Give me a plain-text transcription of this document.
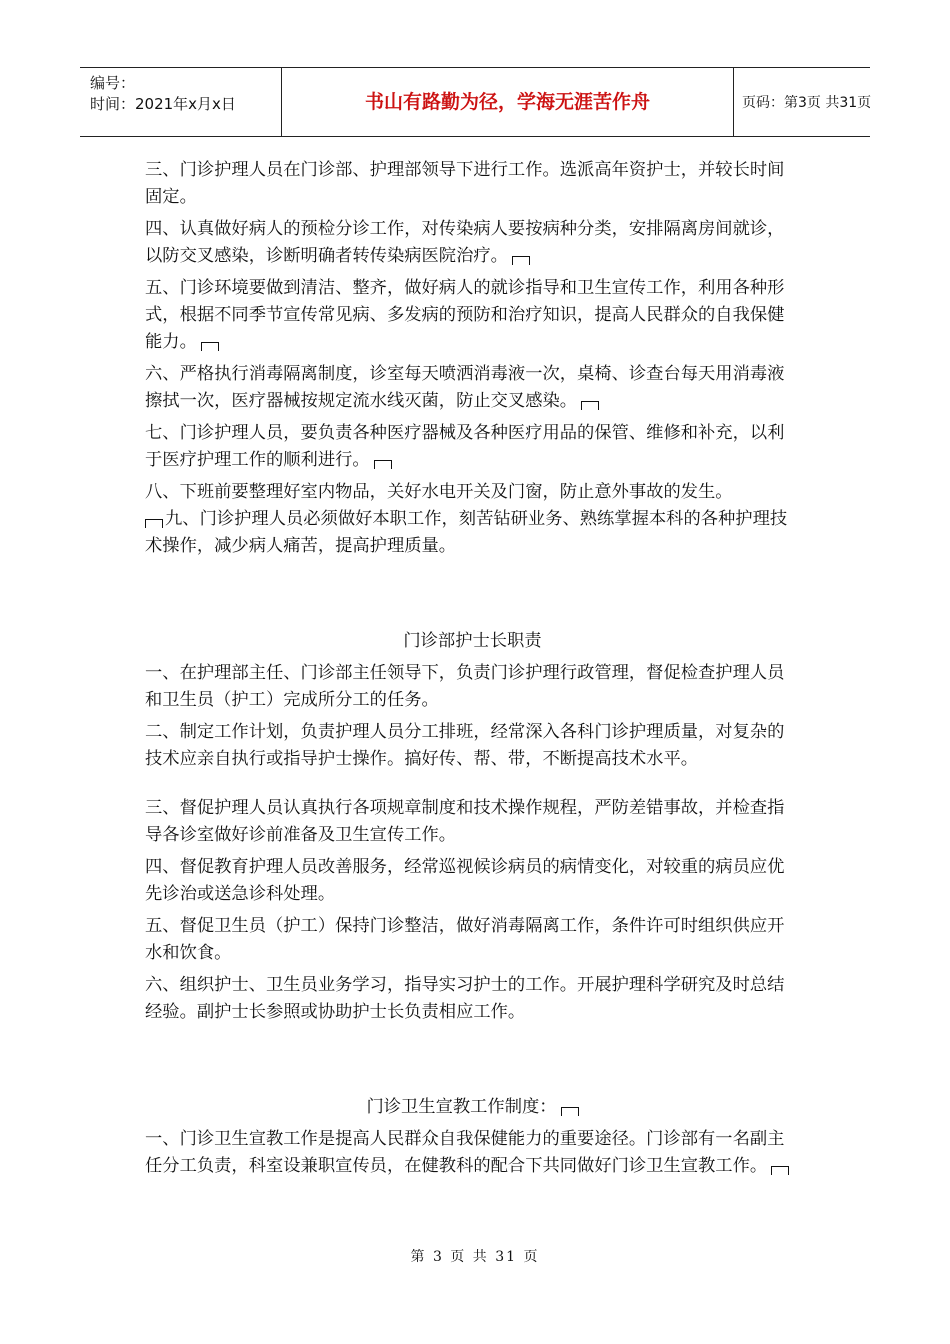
编号：
时间：2021年x月x日	书山有路勤为径，学海无涯苦作舟	页码：第3页 共31页

三、门诊护理人员在门诊部、护理部领导下进行工作。选派高年资护士，并较长时间固定。

四、认真做好病人的预检分诊工作，对传染病人要按病种分类，安排隔离房间就诊，以防交叉感染，诊断明确者转传染病医院治疗。

五、门诊环境要做到清洁、整齐，做好病人的就诊指导和卫生宣传工作，利用各种形式，根据不同季节宣传常见病、多发病的预防和治疗知识，提高人民群众的自我保健能力。

六、严格执行消毒隔离制度，诊室每天喷洒消毒液一次，桌椅、诊查台每天用消毒液擦拭一次，医疗器械按规定流水线灭菌，防止交叉感染。

七、门诊护理人员，要负责各种医疗器械及各种医疗用品的保管、维修和补充，以利于医疗护理工作的顺利进行。

八、下班前要整理好室内物品，关好水电开关及门窗，防止意外事故的发生。

九、门诊护理人员必须做好本职工作，刻苦钻研业务、熟练掌握本科的各种护理技术操作，减少病人痛苦，提高护理质量。

门诊部护士长职责

一、在护理部主任、门诊部主任领导下，负责门诊护理行政管理，督促检查护理人员和卫生员（护工）完成所分工的任务。

二、制定工作计划，负责护理人员分工排班，经常深入各科门诊护理质量，对复杂的技术应亲自执行或指导护士操作。搞好传、帮、带，不断提高技术水平。

三、督促护理人员认真执行各项规章制度和技术操作规程，严防差错事故，并检查指导各诊室做好诊前准备及卫生宣传工作。

四、督促教育护理人员改善服务，经常巡视候诊病员的病情变化，对较重的病员应优先诊治或送急诊科处理。

五、督促卫生员（护工）保持门诊整洁，做好消毒隔离工作，条件许可时组织供应开水和饮食。

六、组织护士、卫生员业务学习，指导实习护士的工作。开展护理科学研究及时总结经验。副护士长参照或协助护士长负责相应工作。

门诊卫生宣教工作制度：

一、门诊卫生宣教工作是提高人民群众自我保健能力的重要途径。门诊部有一名副主任分工负责，科室设兼职宣传员，在健教科的配合下共同做好门诊卫生宣教工作。

第 3 页 共 31 页
